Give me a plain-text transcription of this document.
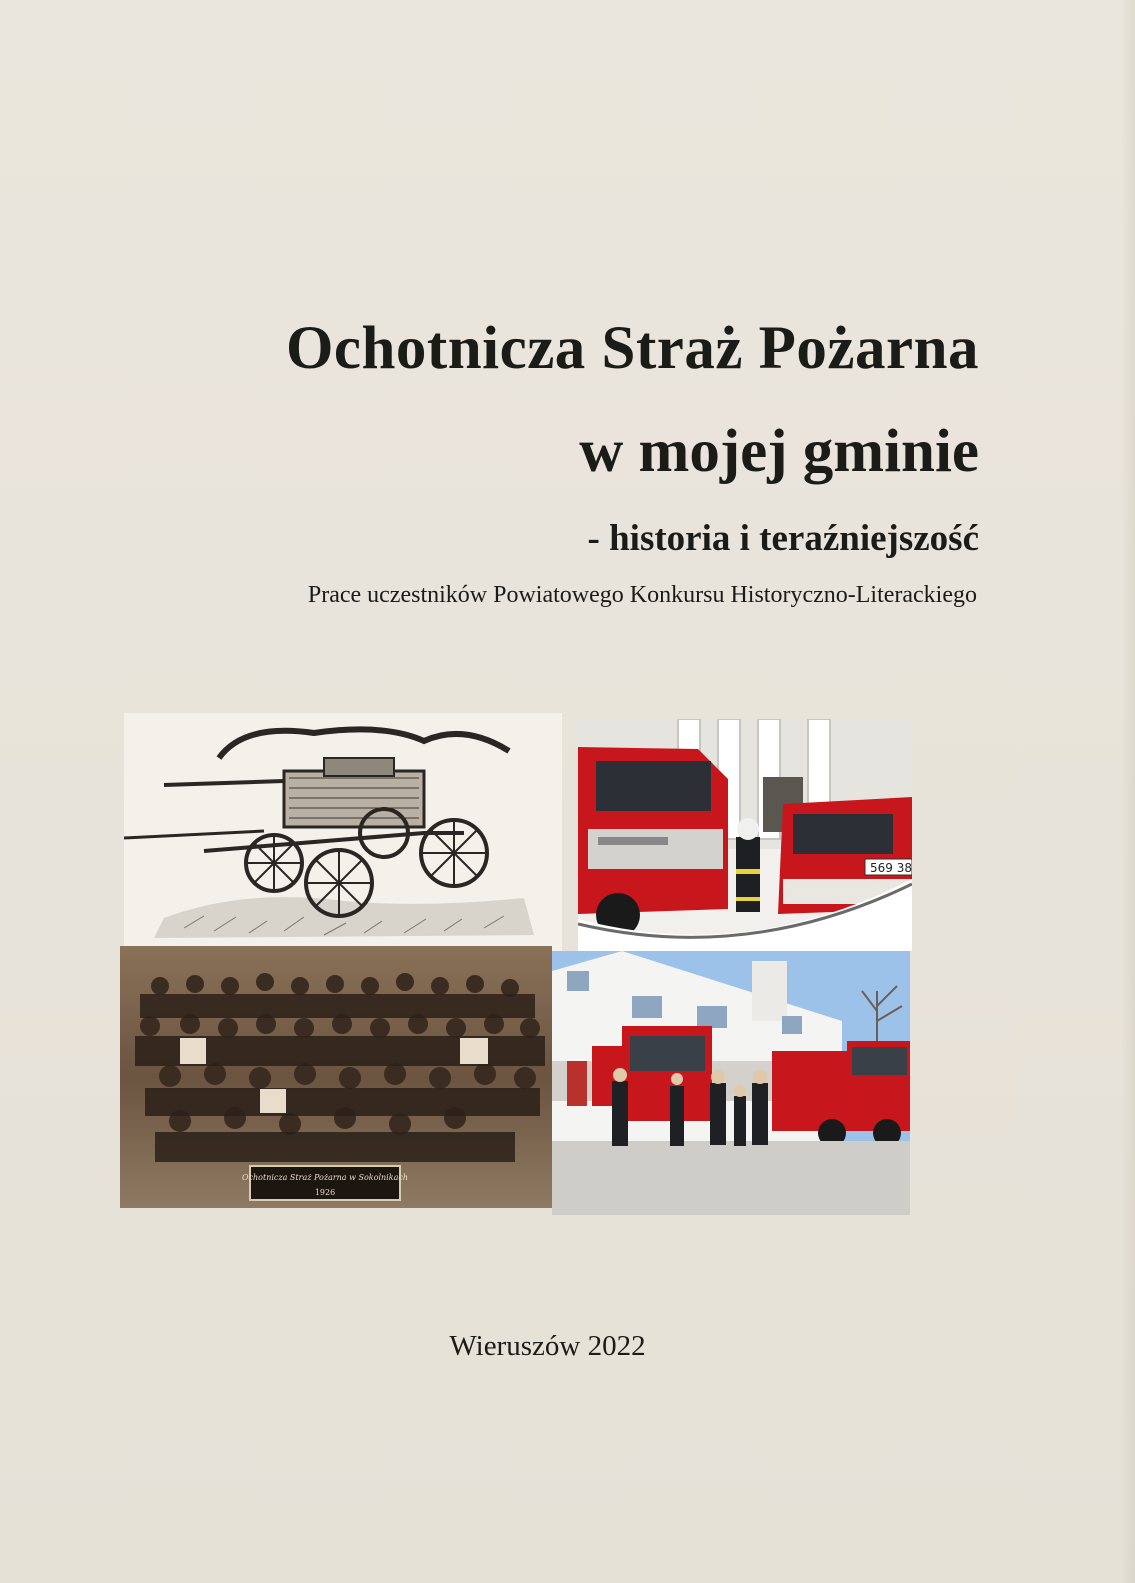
Ochotnicza Straż Pożarna
w mojej gminie
- historia i teraźniejszość

Prace uczestników Powiatowego Konkursu Historyczno-Literackiego

569 38
Ochotnicza Straż Pożarna w Sokolnikach
1926
Wieruszów 2022
